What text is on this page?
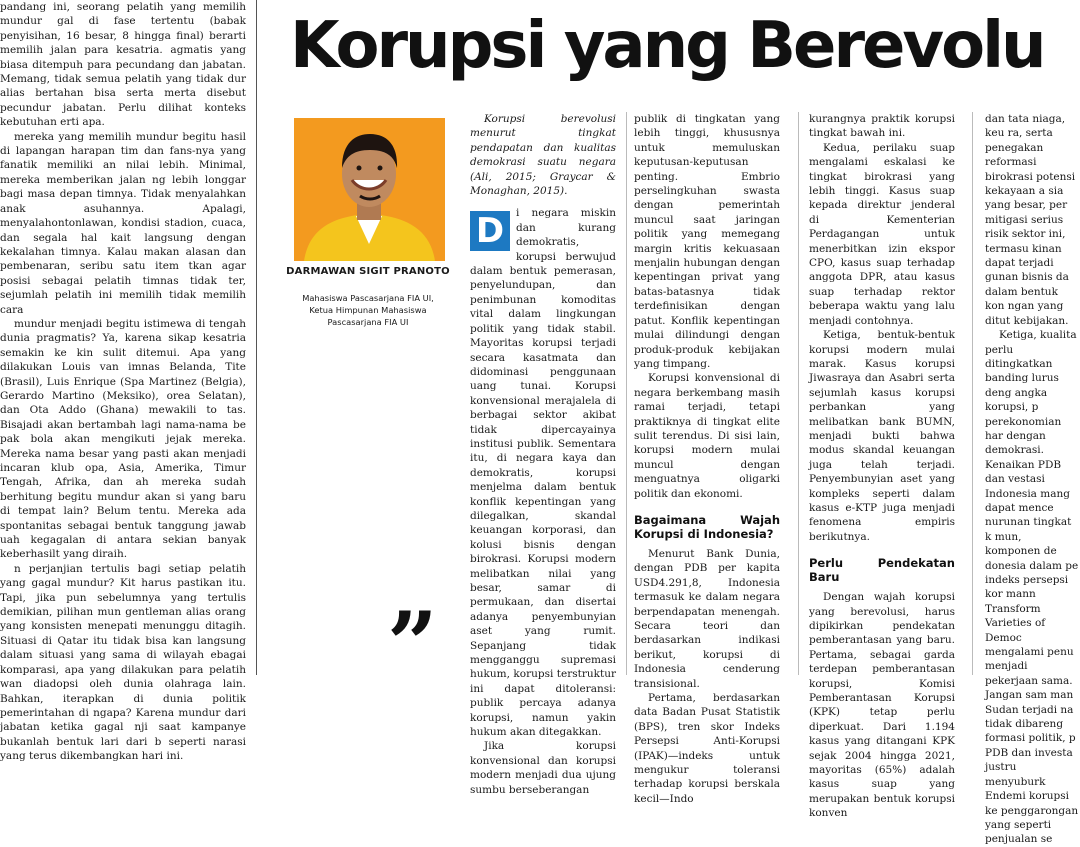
pandang ini, seorang pelatih yang memilih mundur gal di fase tertentu (babak penyisihan, 16 besar, 8 hingga final) berarti memilih jalan para kesatria. agmatis yang biasa ditempuh para pecundang dan jabatan. Memang, tidak semua pelatih yang tidak dur alias bertahan bisa serta merta disebut pecundur jabatan. Perlu dilihat konteks kebutuhan erti apa.

mereka yang memilih mundur begitu hasil di lapangan harapan tim dan fans-nya yang fanatik memiliki an nilai lebih. Minimal, mereka memberikan jalan ng lebih longgar bagi masa depan timnya. Tidak menyalahkan anak asuhannya. Apalagi, menyalahontonlawan, kondisi stadion, cuaca, dan segala hal kait langsung dengan kekalahan timnya. Kalau makan alasan dan pembenaran, seribu satu item tkan agar posisi sebagai pelatih timnas tidak ter, sejumlah pelatih ini memilih tidak memilih cara

mundur menjadi begitu istimewa di tengah dunia pragmatis? Ya, karena sikap kesatria semakin ke kin sulit ditemui. Apa yang dilakukan Louis van imnas Belanda, Tite (Brasil), Luis Enrique (Spa Martinez (Belgia), Gerardo Martino (Meksiko), orea Selatan), dan Ota Addo (Ghana) mewakili to tas. Bisajadi akan bertambah lagi nama-nama be pak bola akan mengikuti jejak mereka. Mereka nama besar yang pasti akan menjadi incaran klub opa, Asia, Amerika, Timur Tengah, Afrika, dan ah mereka sudah berhitung begitu mundur akan si yang baru di tempat lain? Belum tentu. Mereka ada spontanitas sebagai bentuk tanggung jawab uah kegagalan di antara sekian banyak keberhasilt yang diraih.

n perjanjian tertulis bagi setiap pelatih yang gagal mundur? Kit harus pastikan itu. Tapi, jika pun sebelumnya yang tertulis demikian, pilihan mun gentleman alias orang yang konsisten menepati menunggu ditagih. Situasi di Qatar itu tidak bisa kan langsung dalam situasi yang sama di wilayah ebagai komparasi, apa yang dilakukan para pelatih wan diadopsi oleh dunia olahraga lain. Bahkan, iterapkan di dunia politik pemerintahan di ngapa? Karena mundur dari jabatan ketika gagal nji saat kampanye bukanlah bentuk lari dari b seperti narasi yang terus dikembangkan hari ini.

Korupsi yang Berevolu
DARMAWAN SIGIT PRANOTO
Mahasiswa Pascasarjana FIA UI,
Ketua Himpunan Mahasiswa
Pascasarjana FIA UI
”

Korupsi berevolusi menurut tingkat pendapatan dan kualitas demokrasi suatu negara (Ali, 2015; Graycar & Monaghan, 2015).

D	i negara miskin dan kurang demokratis, korupsi berwujud dalam bentuk pemerasan, penyelundupan, dan penimbunan komoditas vital dalam lingkungan politik yang tidak stabil. Mayoritas korupsi terjadi secara kasatmata dan didominasi penggunaan uang tunai. Korupsi konvensional merajalela di berbagai sektor akibat tidak dipercayainya institusi publik. Sementara itu, di negara kaya dan demokratis, korupsi menjelma dalam bentuk konflik kepentingan yang dilegalkan, skandal keuangan korporasi, dan kolusi bisnis dengan birokrasi. Korupsi modern melibatkan nilai yang besar, samar di permukaan, dan disertai adanya penyembunyian aset yang rumit. Sepanjang tidak mengganggu supremasi hukum, korupsi terstruktur ini dapat ditoleransi: publik percaya adanya korupsi, namun yakin hukum akan ditegakkan.

Jika korupsi konvensional dan korupsi modern menjadi dua ujung sumbu berseberangan

publik di tingkatan yang lebih tinggi, khususnya untuk memuluskan keputusan-keputusan penting. Embrio perselingkuhan swasta dengan pemerintah muncul saat jaringan politik yang memegang margin kritis kekuasaan menjalin hubungan dengan kepentingan privat yang batas-batasnya tidak terdefinisikan dengan patut. Konflik kepentingan mulai dilindungi dengan produk-produk kebijakan yang timpang.

Korupsi konvensional di negara berkembang masih ramai terjadi, tetapi praktiknya di tingkat elite sulit terendus. Di sisi lain, korupsi modern mulai muncul dengan menguatnya oligarki politik dan ekonomi.

Bagaimana Wajah Korupsi di Indonesia?

Menurut Bank Dunia, dengan PDB per kapita USD4.291,8, Indonesia termasuk ke dalam negara berpendapatan menengah. Secara teori dan berdasarkan indikasi berikut, korupsi di Indonesia cenderung transisional.

Pertama, berdasarkan data Badan Pusat Statistik (BPS), tren skor Indeks Persepsi Anti-Korupsi (IPAK)—indeks untuk mengukur toleransi terhadap korupsi berskala kecil—Indo

kurangnya praktik korupsi tingkat bawah ini.

Kedua, perilaku suap mengalami eskalasi ke tingkat birokrasi yang lebih tinggi. Kasus suap kepada direktur jenderal di Kementerian Perdagangan untuk menerbitkan izin ekspor CPO, kasus suap terhadap anggota DPR, atau kasus suap terhadap rektor beberapa waktu yang lalu menjadi contohnya.

Ketiga, bentuk-bentuk korupsi modern mulai marak. Kasus korupsi Jiwasraya dan Asabri serta sejumlah kasus korupsi perbankan yang melibatkan bank BUMN, menjadi bukti bahwa modus skandal keuangan juga telah terjadi. Penyembunyian aset yang kompleks seperti dalam kasus e-KTP juga menjadi fenomena empiris berikutnya.

Perlu Pendekatan Baru

Dengan wajah korupsi yang berevolusi, harus dipikirkan pendekatan pemberantasan yang baru. Pertama, sebagai garda terdepan pemberantasan korupsi, Komisi Pemberantasan Korupsi (KPK) tetap perlu diperkuat. Dari 1.194 kasus yang ditangani KPK sejak 2004 hingga 2021, mayoritas (65%) adalah kasus suap yang merupakan bentuk korupsi konven

dan tata niaga, keu ra, serta penegakan reformasi birokrasi potensi kekayaan a sia yang besar, per mitigasi serius risik sektor ini, termasu kinan dapat terjadi gunan bisnis da dalam bentuk kon ngan yang ditut kebijakan.

Ketiga, kualita perlu ditingkatkan banding lurus deng angka korupsi, p perekonomian har dengan demokrasi. Kenaikan PDB dan vestasi Indonesia mang dapat mence nurunan tingkat k mun, komponen de donesia dalam pe indeks persepsi kor mann Transform Varieties of Democ mengalami penu menjadi pekerjaan sama. Jangan sam man Sudan terjadi na tidak dibareng formasi politik, p PDB dan investa justru menyuburk Endemi korupsi ke penggarongan yang seperti penjualan se
